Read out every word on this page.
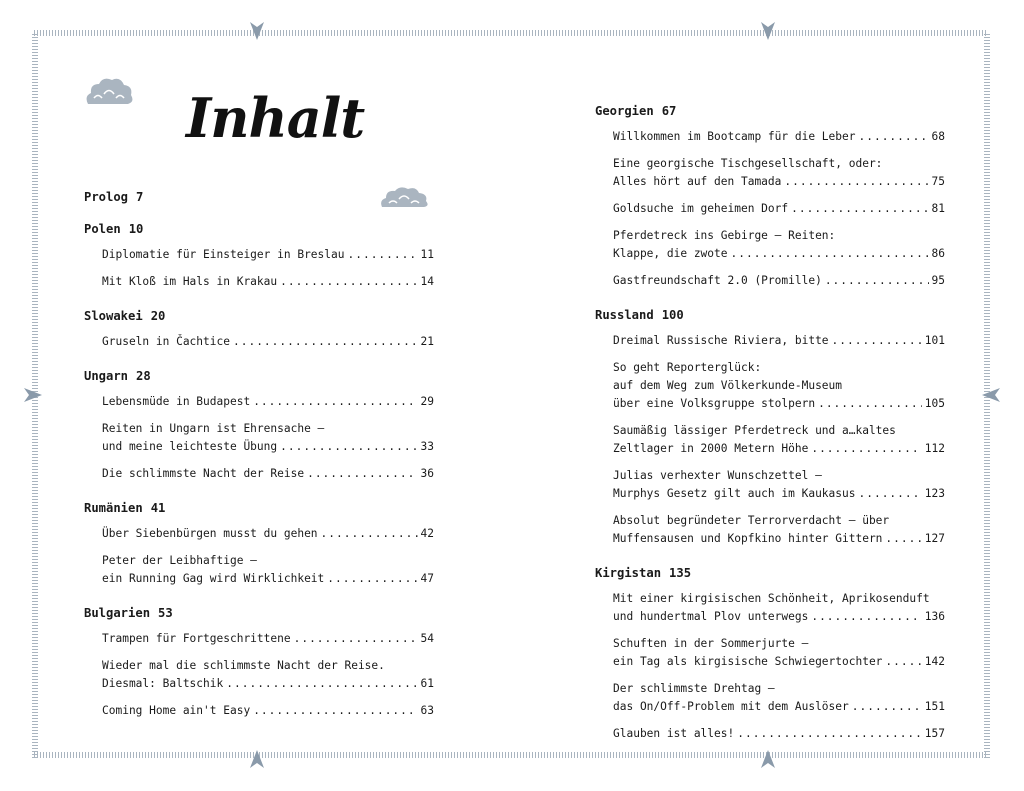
Inhalt
Prolog 7
Polen 10
Diplomatie für Einsteiger in Breslau .....	11
Mit Kloß im Hals in Krakau .....	14
Slowakei 20
Gruseln in Čachtice .....	21
Ungarn 28
Lebensmüde in Budapest .....	29
Reiten in Ungarn ist Ehrensache –
und meine leichteste Übung .....	33
Die schlimmste Nacht der Reise .....	36
Rumänien 41
Über Siebenbürgen musst du gehen .....	42
Peter der Leibhaftige –
ein Running Gag wird Wirklichkeit .....	47
Bulgarien 53
Trampen für Fortgeschrittene .....	54
Wieder mal die schlimmste Nacht der Reise.
Diesmal: Baltschik .....	61
Coming Home ain't Easy .....	63
Georgien 67
Willkommen im Bootcamp für die Leber .....	68
Eine georgische Tischgesellschaft, oder:
Alles hört auf den Tamada .....	75
Goldsuche im geheimen Dorf .....	81
Pferdetreck ins Gebirge – Reiten:
Klappe, die zwote .....	86
Gastfreundschaft 2.0 (Promille) .....	95
Russland 100
Dreimal Russische Riviera, bitte .....	101
So geht Reporterglück:
auf dem Weg zum Völkerkunde-Museum
über eine Volksgruppe stolpern .....	105
Saumäßig lässiger Pferdetreck und a…kaltes
Zeltlager in 2000 Metern Höhe .....	112
Julias verhexter Wunschzettel –
Murphys Gesetz gilt auch im Kaukasus .....	123
Absolut begründeter Terrorverdacht – über
Muffensausen und Kopfkino hinter Gittern .....	127
Kirgistan 135
Mit einer kirgisischen Schönheit, Aprikosenduft
und hundertmal Plov unterwegs .....	136
Schuften in der Sommerjurte –
ein Tag als kirgisische Schwiegertochter .....	142
Der schlimmste Drehtag –
das On/Off-Problem mit dem Auslöser .....	151
Glauben ist alles! .....	157
